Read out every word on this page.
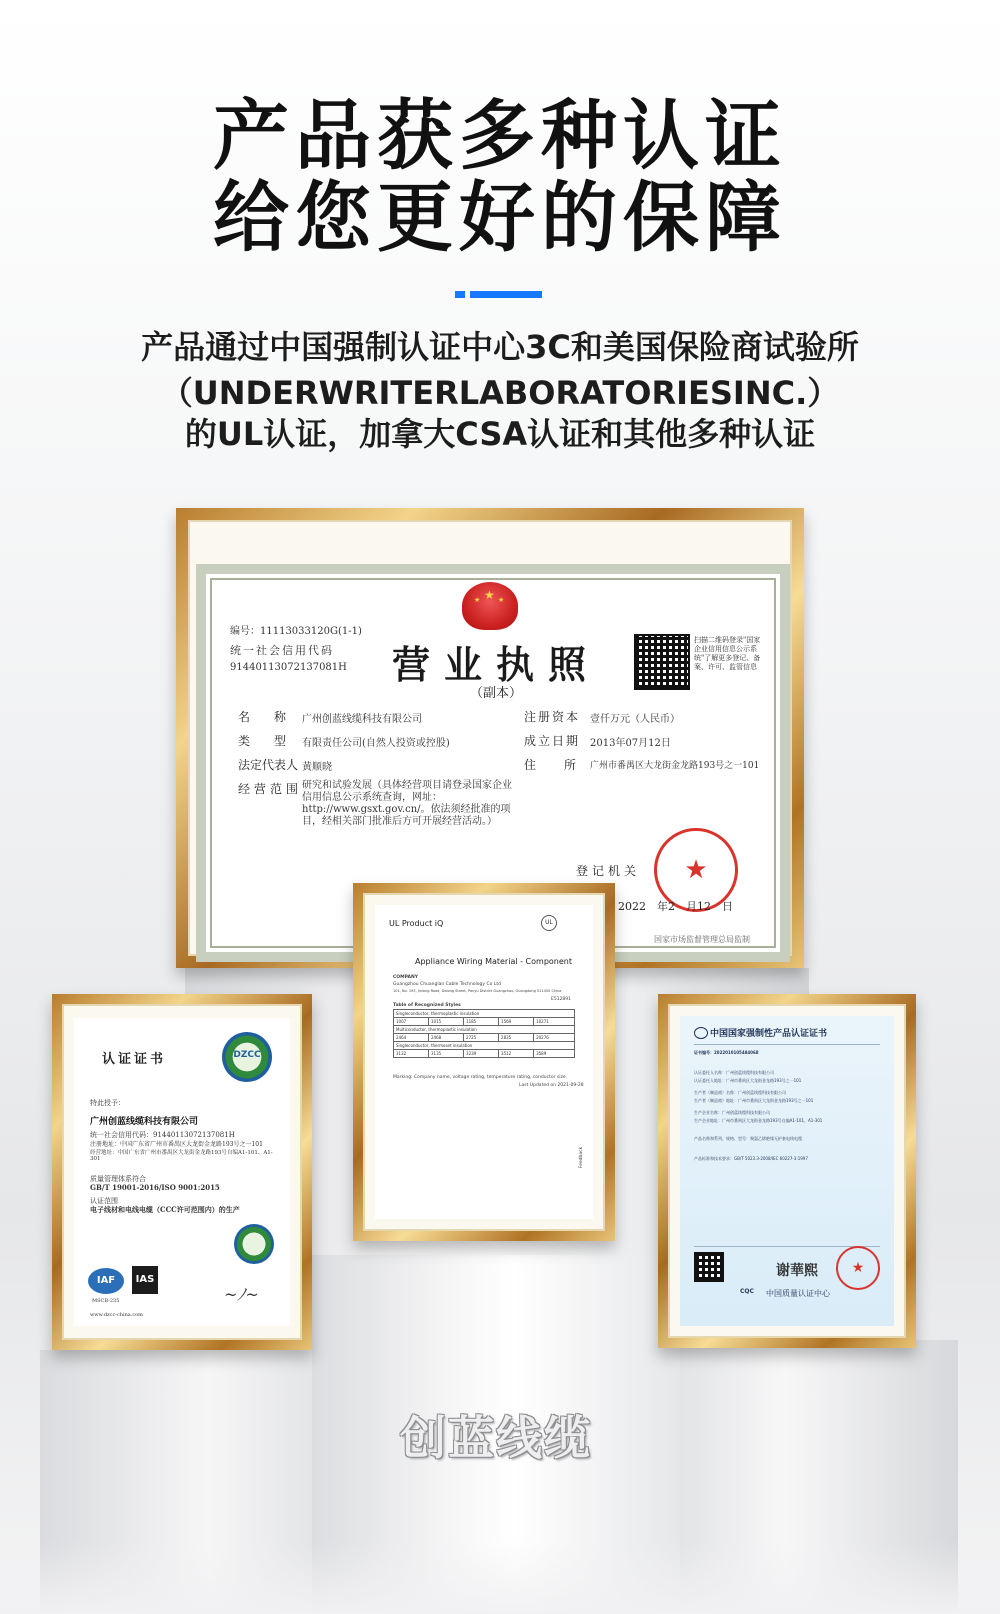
产品获多种认证
给您更好的保障
产品通过中国强制认证中心3C和美国保险商试验所
（UNDERWRITERLABORATORIESINC.）
的UL认证，加拿大CSA认证和其他多种认证
创蓝线缆
★
★	★
编号：11113033120G(1-1)
统一社会信用代码
91440113072137081H	营业执照
（副本）
扫描二维码登录"国家企业信用信息公示系统"了解更多登记、备案、许可、监管信息
名　称 广州创蓝线缆科技有限公司
类　型 有限责任公司(自然人投资或控股)
法定代表人 黄顺晓
经营范围 研究和试验发展（具体经营项目请登录国家企业信用信息公示系统查询，网址：http://www.gsxt.gov.cn/。依法须经批准的项目，经相关部门批准后方可开展经营活动。）
注册资本 壹仟万元（人民币）
成立日期 2013年07月12日
住　所 广州市番禺区大龙街金龙路193号之一101
登记机关	★
2022　年2　月12　日
国家市场监督管理总局监制
认证证书	DZCC
特此授予：
广州创蓝线缆科技有限公司
统一社会信用代码：91440113072137081H
注册地址：中国广东省广州市番禺区大龙街金龙路193号之一101
经营地址：中国广东省广州市番禺区大龙街金龙路193号自编A1-101、A1-301
质量管理体系符合
GB/T 19001-2016/ISO 9001:2015
认证范围
电子线材和电线电缆（CCC许可范围内）的生产
IAF	IAS
MSCB-235	~ﾉ~
www.dzcc-china.com
UL Product iQ	UL
Appliance Wiring Material - Component
COMPANY
Guangzhou Chuanglan Cable Technology Co Ltd
101, No. 193, Jinlong Road, Dalong Street, Panyu District Guangzhou, Guangdong 511450 China
E512891
Table of Recognized Styles
Singleconductor, thermoplastic insulation				
1007	1015	1185	1569	10271
Multiconductor, thermoplastic insulation				
2464	2468	2725	2835	20276
Singleconductor, thermoset insulation				
3132	3135	3239	3512	3589
Marking: Company name, voltage rating, temperature rating, conductor size.
Last Updated on 2021-09-28
Feedback
中国国家强制性产品认证证书
证书编号：2022010105484068
认证委托人名称：广州创蓝线缆科技有限公司
认证委托人地址：广州市番禺区大龙街金龙路193号之一101
生产者（制造商）名称：广州创蓝线缆科技有限公司
生产者（制造商）地址：广州市番禺区大龙街金龙路193号之一101
生产企业名称：广州创蓝线缆科技有限公司
生产企业地址：广州市番禺区大龙街金龙路193号自编A1-101、A1-301
产品名称和系列、规格、型号：聚氯乙烯绝缘无护套电线电缆
产品标准和技术要求：GB/T 5023.3-2008/IEC 60227-3:1997
谢華熙	★
CQC 中国质量认证中心
